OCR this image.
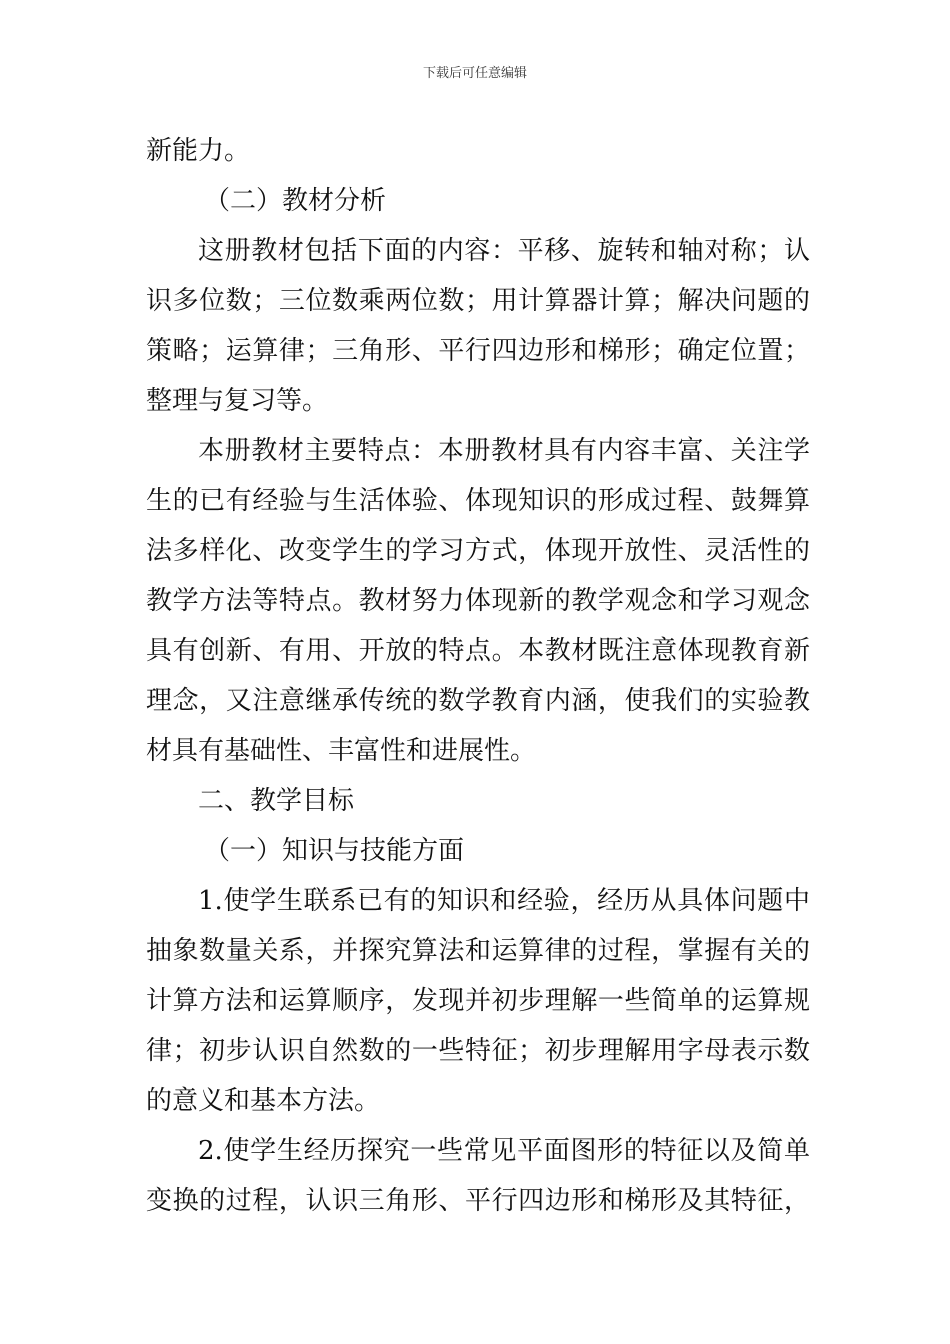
下载后可任意编辑
新能力。
（二）教材分析
这册教材包括下面的内容：平移、旋转和轴对称；认
识多位数；三位数乘两位数；用计算器计算；解决问题的
策略；运算律；三角形、平行四边形和梯形；确定位置；
整理与复习等。
本册教材主要特点：本册教材具有内容丰富、关注学
生的已有经验与生活体验、体现知识的形成过程、鼓舞算
法多样化、改变学生的学习方式，体现开放性、灵活性的
教学方法等特点。教材努力体现新的教学观念和学习观念
具有创新、有用、开放的特点。本教材既注意体现教育新
理念，又注意继承传统的数学教育内涵，使我们的实验教
材具有基础性、丰富性和进展性。
二、教学目标
（一）知识与技能方面
1.使学生联系已有的知识和经验，经历从具体问题中
抽象数量关系，并探究算法和运算律的过程，掌握有关的
计算方法和运算顺序，发现并初步理解一些简单的运算规
律；初步认识自然数的一些特征；初步理解用字母表示数
的意义和基本方法。
2.使学生经历探究一些常见平面图形的特征以及简单
变换的过程，认识三角形、平行四边形和梯形及其特征，
